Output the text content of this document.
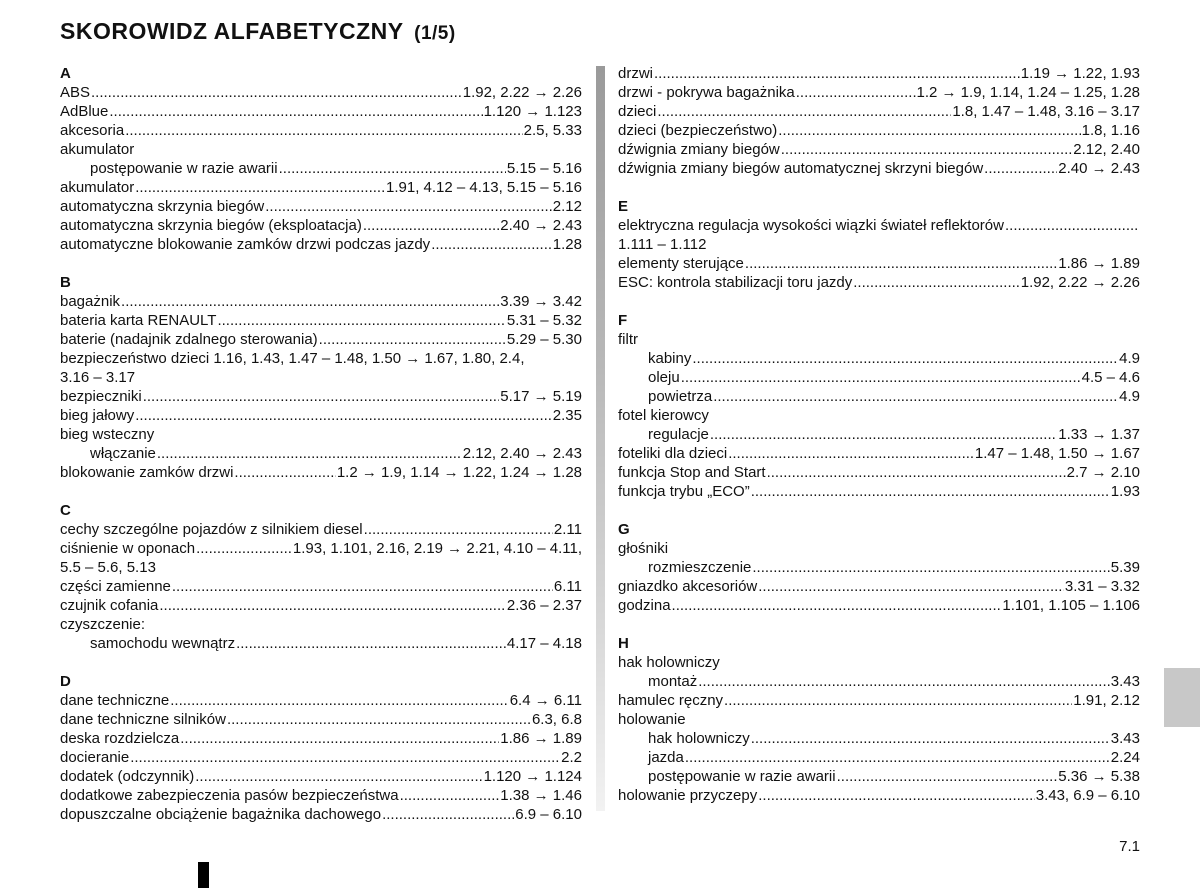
SKOROWIDZ ALFABETYCZNY (1/5)
A
ABS .....	1.92, 2.22 → 2.26
AdBlue .....	1.120 → 1.123
akcesoria .....	2.5, 5.33
akumulator
postępowanie w razie awarii .....	5.15 – 5.16
akumulator .....	1.91, 4.12 – 4.13, 5.15 – 5.16
automatyczna skrzynia biegów .....	2.12
automatyczna skrzynia biegów (eksploatacja) .....	2.40 → 2.43
automatyczne blokowanie zamków drzwi podczas jazdy .....	1.28
B
bagażnik .....	3.39 → 3.42
bateria karta RENAULT .....	5.31 – 5.32
baterie (nadajnik zdalnego sterowania) .....	5.29 – 5.30
bezpieczeństwo dzieci 1.16, 1.43, 1.47 – 1.48, 1.50 → 1.67, 1.80, 2.4,
3.16 – 3.17
bezpieczniki .....	5.17 → 5.19
bieg jałowy .....	2.35
bieg wsteczny
włączanie .....	2.12, 2.40 → 2.43
blokowanie zamków drzwi .....	1.2 → 1.9, 1.14 → 1.22, 1.24 → 1.28
C
cechy szczególne pojazdów z silnikiem diesel .....	2.11
ciśnienie w oponach .....	1.93, 1.101, 2.16, 2.19 → 2.21, 4.10 – 4.11,
5.5 – 5.6, 5.13
części zamienne .....	6.11
czujnik cofania .....	2.36 – 2.37
czyszczenie:
samochodu wewnątrz .....	4.17 – 4.18
D
dane techniczne .....	6.4 → 6.11
dane techniczne silników .....	6.3, 6.8
deska rozdzielcza .....	1.86 → 1.89
docieranie .....	2.2
dodatek (odczynnik) .....	1.120 → 1.124
dodatkowe zabezpieczenia pasów bezpieczeństwa .....	1.38 → 1.46
dopuszczalne obciążenie bagażnika dachowego .....	6.9 – 6.10
drzwi .....	1.19 → 1.22, 1.93
drzwi - pokrywa bagażnika .....	1.2 → 1.9, 1.14, 1.24 – 1.25, 1.28
dzieci .....	1.8, 1.47 – 1.48, 3.16 – 3.17
dzieci (bezpieczeństwo) .....	1.8, 1.16
dźwignia zmiany biegów .....	2.12, 2.40
dźwignia zmiany biegów automatycznej skrzyni biegów .....	2.40 → 2.43
E
elektryczna regulacja wysokości wiązki świateł reflektorów
.....
1.111 – 1.112
elementy sterujące .....	1.86 → 1.89
ESC: kontrola stabilizacji toru jazdy .....	1.92, 2.22 → 2.26
F
filtr
kabiny .....	4.9
oleju .....	4.5 – 4.6
powietrza .....	4.9
fotel kierowcy
regulacje .....	1.33 → 1.37
foteliki dla dzieci .....	1.47 – 1.48, 1.50 → 1.67
funkcja Stop and Start .....	2.7 → 2.10
funkcja trybu „ECO” .....	1.93
G
głośniki
rozmieszczenie .....	5.39
gniazdko akcesoriów .....	3.31 – 3.32
godzina .....	1.101, 1.105 – 1.106
H
hak holowniczy
montaż .....	3.43
hamulec ręczny .....	1.91, 2.12
holowanie
hak holowniczy .....	3.43
jazda .....	2.24
postępowanie w razie awarii .....	5.36 → 5.38
holowanie przyczepy .....	3.43, 6.9 – 6.10
7.1
